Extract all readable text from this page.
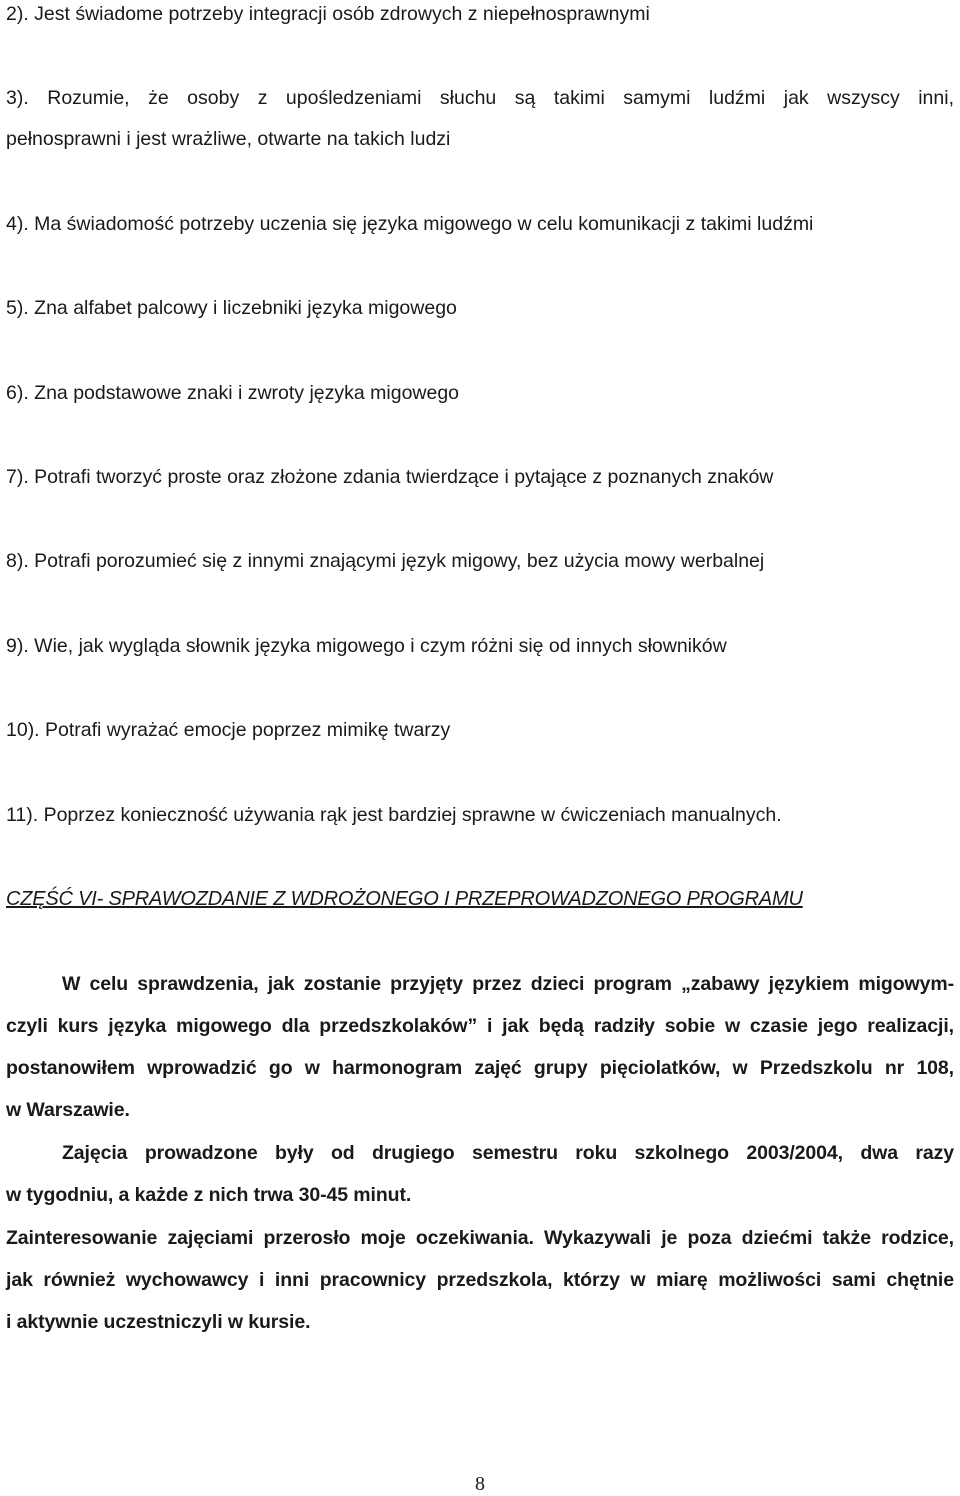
2). Jest świadome potrzeby integracji osób zdrowych z niepełnosprawnymi
3). Rozumie, że osoby z upośledzeniami słuchu są takimi samymi ludźmi jak wszyscy inni,
pełnosprawni i jest wrażliwe, otwarte na takich ludzi
4). Ma świadomość potrzeby uczenia się języka migowego w celu komunikacji z takimi ludźmi
5). Zna alfabet palcowy i liczebniki języka migowego
6). Zna podstawowe znaki i zwroty języka migowego
7). Potrafi tworzyć proste oraz złożone zdania twierdzące i pytające z poznanych znaków
8). Potrafi porozumieć się z innymi znającymi język migowy, bez użycia mowy werbalnej
9). Wie, jak wygląda słownik języka migowego i czym różni się od innych słowników
10). Potrafi wyrażać emocje poprzez mimikę twarzy
11). Poprzez konieczność używania rąk jest bardziej sprawne w ćwiczeniach manualnych.
CZĘŚĆ VI- SPRAWOZDANIE Z WDROŻONEGO I PRZEPROWADZONEGO PROGRAMU
W celu sprawdzenia, jak zostanie przyjęty przez dzieci program „zabawy językiem migowym-
czyli kurs języka migowego dla przedszkolaków” i jak będą radziły sobie w czasie jego realizacji,
postanowiłem wprowadzić go w harmonogram zajęć grupy pięciolatków, w Przedszkolu nr 108,
w Warszawie.
Zajęcia prowadzone były od drugiego semestru roku szkolnego 2003/2004, dwa razy
w tygodniu, a każde z nich trwa 30-45 minut.
Zainteresowanie zajęciami przerosło moje oczekiwania. Wykazywali je poza dziećmi także rodzice,
jak również wychowawcy i inni pracownicy przedszkola, którzy w miarę możliwości sami chętnie
i aktywnie uczestniczyli w kursie.
8
